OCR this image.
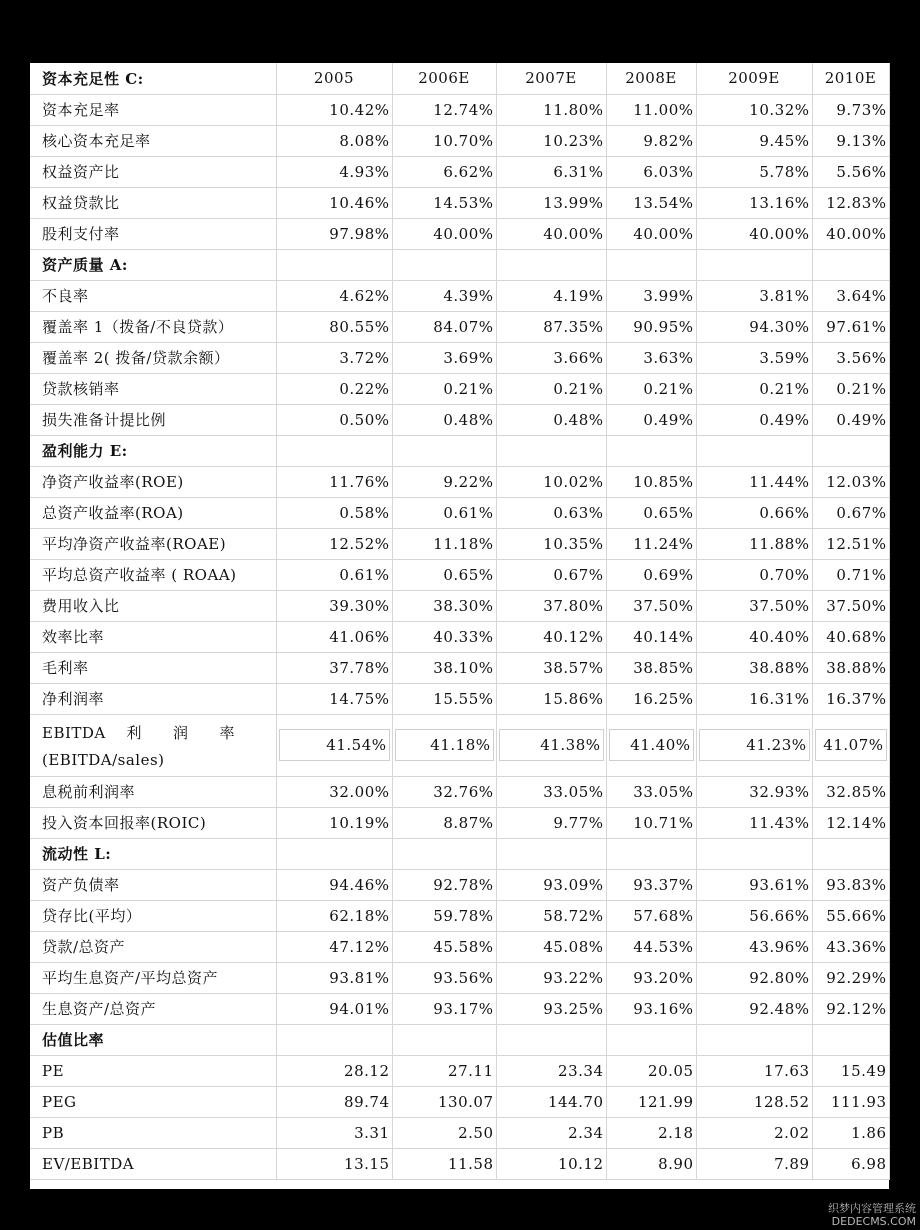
资本充足性 C:	2005	2006E	2007E	2008E	2009E	2010E
资本充足率	10.42%	12.74%	11.80%	11.00%	10.32%	9.73%
核心资本充足率	8.08%	10.70%	10.23%	9.82%	9.45%	9.13%
权益资产比	4.93%	6.62%	6.31%	6.03%	5.78%	5.56%
权益贷款比	10.46%	14.53%	13.99%	13.54%	13.16%	12.83%
股利支付率	97.98%	40.00%	40.00%	40.00%	40.00%	40.00%
资产质量 A:						
不良率	4.62%	4.39%	4.19%	3.99%	3.81%	3.64%
覆盖率 1（拨备/不良贷款）	80.55%	84.07%	87.35%	90.95%	94.30%	97.61%
覆盖率 2( 拨备/贷款余额）	3.72%	3.69%	3.66%	3.63%	3.59%	3.56%
贷款核销率	0.22%	0.21%	0.21%	0.21%	0.21%	0.21%
损失准备计提比例	0.50%	0.48%	0.48%	0.49%	0.49%	0.49%
盈利能力 E:						
净资产收益率(ROE)	11.76%	9.22%	10.02%	10.85%	11.44%	12.03%
总资产收益率(ROA)	0.58%	0.61%	0.63%	0.65%	0.66%	0.67%
平均净资产收益率(ROAE)	12.52%	11.18%	10.35%	11.24%	11.88%	12.51%
平均总资产收益率 ( ROAA)	0.61%	0.65%	0.67%	0.69%	0.70%	0.71%
费用收入比	39.30%	38.30%	37.80%	37.50%	37.50%	37.50%
效率比率	41.06%	40.33%	40.12%	40.14%	40.40%	40.68%
毛利率	37.78%	38.10%	38.57%	38.85%	38.88%	38.88%
净利润率	14.75%	15.55%	15.86%	16.25%	16.31%	16.37%

EBITDA　 利　　润　　率
(EBITDA/sales)	41.54%	41.18%	41.38%	41.40%	41.23%	41.07%

息税前利润率	32.00%	32.76%	33.05%	33.05%	32.93%	32.85%
投入资本回报率(ROIC)	10.19%	8.87%	9.77%	10.71%	11.43%	12.14%
流动性 L:						
资产负债率	94.46%	92.78%	93.09%	93.37%	93.61%	93.83%
贷存比(平均）	62.18%	59.78%	58.72%	57.68%	56.66%	55.66%
贷款/总资产	47.12%	45.58%	45.08%	44.53%	43.96%	43.36%
平均生息资产/平均总资产	93.81%	93.56%	93.22%	93.20%	92.80%	92.29%
生息资产/总资产	94.01%	93.17%	93.25%	93.16%	92.48%	92.12%
估值比率						
PE	28.12	27.11	23.34	20.05	17.63	15.49
PEG	89.74	130.07	144.70	121.99	128.52	111.93
PB	3.31	2.50	2.34	2.18	2.02	1.86
EV/EBITDA	13.15	11.58	10.12	8.90	7.89	6.98
织梦内容管理系统
DEDECMS.COM
